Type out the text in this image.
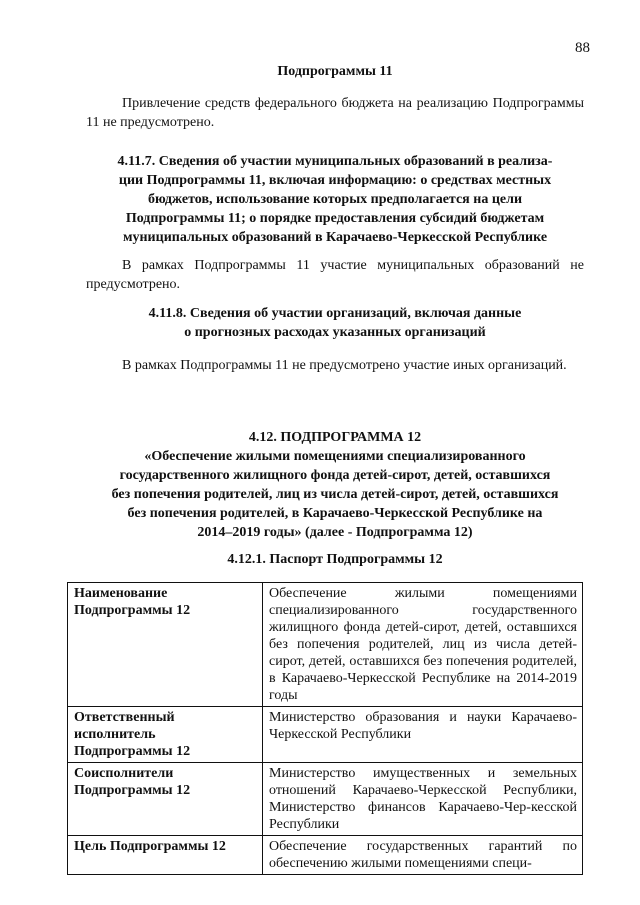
88
Подпрограммы 11
Привлечение средств федерального бюджета на реализацию Подпрограммы 11 не предусмотрено.
4.11.7. Сведения об участии муниципальных образований в реализа-
ции Подпрограммы 11, включая информацию: о средствах местных
бюджетов, использование которых предполагается на цели
Подпрограммы 11; о порядке предоставления субсидий бюджетам
муниципальных образований в Карачаево-Черкесской Республике
В рамках Подпрограммы 11 участие муниципальных образований не предусмотрено.
4.11.8. Сведения об участии организаций, включая данные
о прогнозных расходах указанных организаций
В рамках Подпрограммы 11 не предусмотрено участие иных организаций.
4.12. ПОДПРОГРАММА 12
«Обеспечение жилыми помещениями специализированного
государственного жилищного фонда детей-сирот, детей, оставшихся
без попечения родителей, лиц из числа детей-сирот, детей, оставшихся
без попечения родителей, в Карачаево-Черкесской Республике на
2014–2019 годы» (далее - Подпрограмма 12)
4.12.1. Паспорт Подпрограммы 12
Наименование Подпрограммы 12	Обеспечение жилыми помещениями специализированного государственного жилищного фонда детей-сирот, детей, оставшихся без попечения родителей, лиц из числа детей-сирот, детей, оставшихся без попечения родителей, в Карачаево-Черкесской Республике на 2014-2019 годы
Ответственный исполнитель Подпрограммы 12	Министерство образования и науки Карачаево-Черкесской Республики
Соисполнители Подпрограммы 12	Министерство имущественных и земельных отношений Карачаево-Черкесской Республики, Министерство финансов Карачаево-Чер-кесской Республики
Цель Подпрограммы 12	Обеспечение государственных гарантий по обеспечению жилыми помещениями специ-
